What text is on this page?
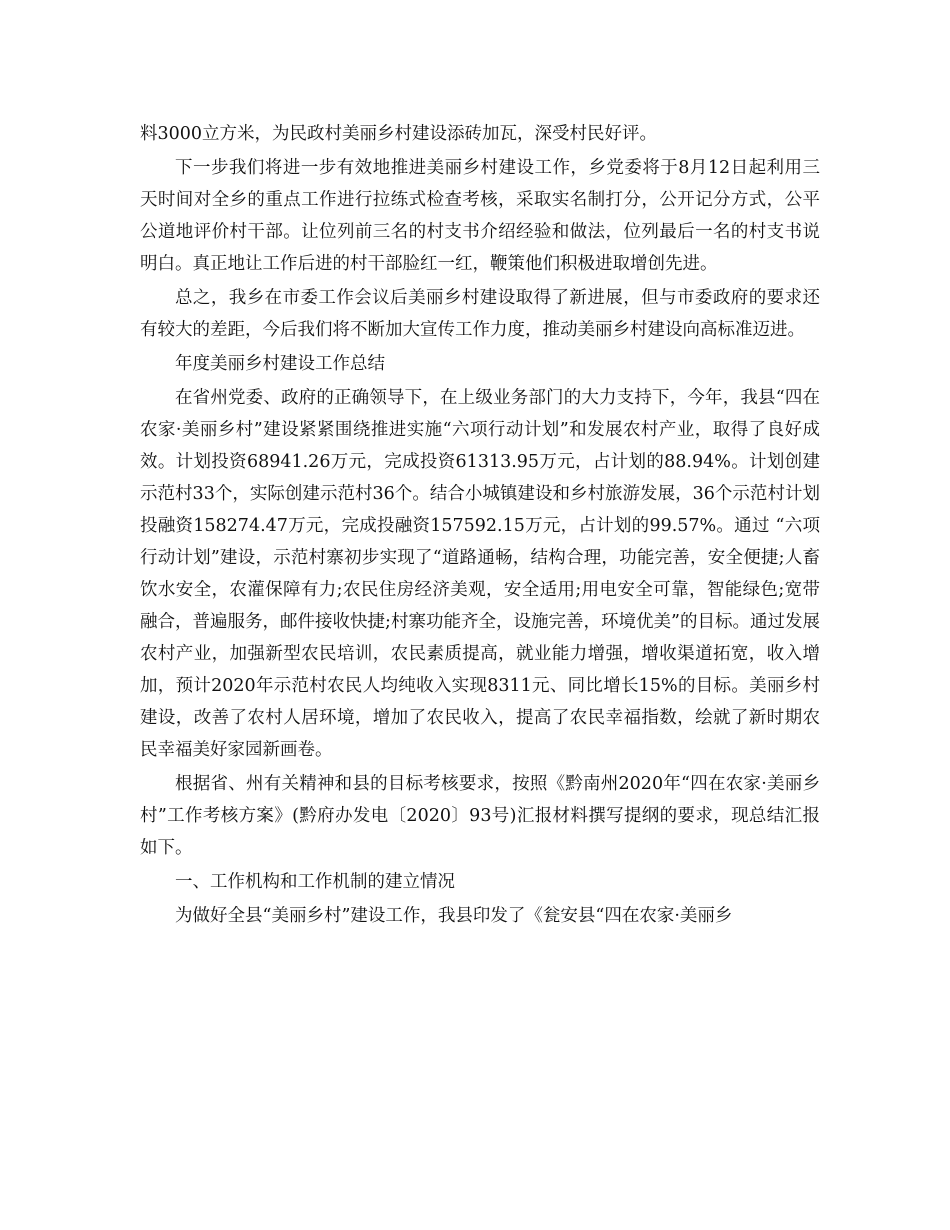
料3000立方米，为民政村美丽乡村建设添砖加瓦，深受村民好评。

下一步我们将进一步有效地推进美丽乡村建设工作，乡党委将于8月12日起利用三天时间对全乡的重点工作进行拉练式检查考核，采取实名制打分，公开记分方式，公平公道地评价村干部。让位列前三名的村支书介绍经验和做法，位列最后一名的村支书说明白。真正地让工作后进的村干部脸红一红，鞭策他们积极进取增创先进。

总之，我乡在市委工作会议后美丽乡村建设取得了新进展，但与市委政府的要求还有较大的差距，今后我们将不断加大宣传工作力度，推动美丽乡村建设向高标准迈进。

年度美丽乡村建设工作总结

在省州党委、政府的正确领导下，在上级业务部门的大力支持下，今年，我县“四在农家·美丽乡村”建设紧紧围绕推进实施“六项行动计划”和发展农村产业，取得了良好成效。计划投资68941.26万元，完成投资61313.95万元，占计划的88.94%。计划创建示范村33个，实际创建示范村36个。结合小城镇建设和乡村旅游发展，36个示范村计划投融资158274.47万元，完成投融资157592.15万元，占计划的99.57%。通过 “六项行动计划”建设，示范村寨初步实现了“道路通畅，结构合理，功能完善，安全便捷;人畜饮水安全，农灌保障有力;农民住房经济美观，安全适用;用电安全可靠，智能绿色;宽带融合，普遍服务，邮件接收快捷;村寨功能齐全，设施完善，环境优美”的目标。通过发展农村产业，加强新型农民培训，农民素质提高，就业能力增强，增收渠道拓宽，收入增加，预计2020年示范村农民人均纯收入实现8311元、同比增长15%的目标。美丽乡村建设，改善了农村人居环境，增加了农民收入，提高了农民幸福指数，绘就了新时期农民幸福美好家园新画卷。

根据省、州有关精神和县的目标考核要求，按照《黔南州2020年“四在农家·美丽乡村”工作考核方案》(黔府办发电〔2020〕93号)汇报材料撰写提纲的要求，现总结汇报如下。

一、工作机构和工作机制的建立情况

为做好全县“美丽乡村”建设工作，我县印发了《瓮安县“四在农家·美丽乡
